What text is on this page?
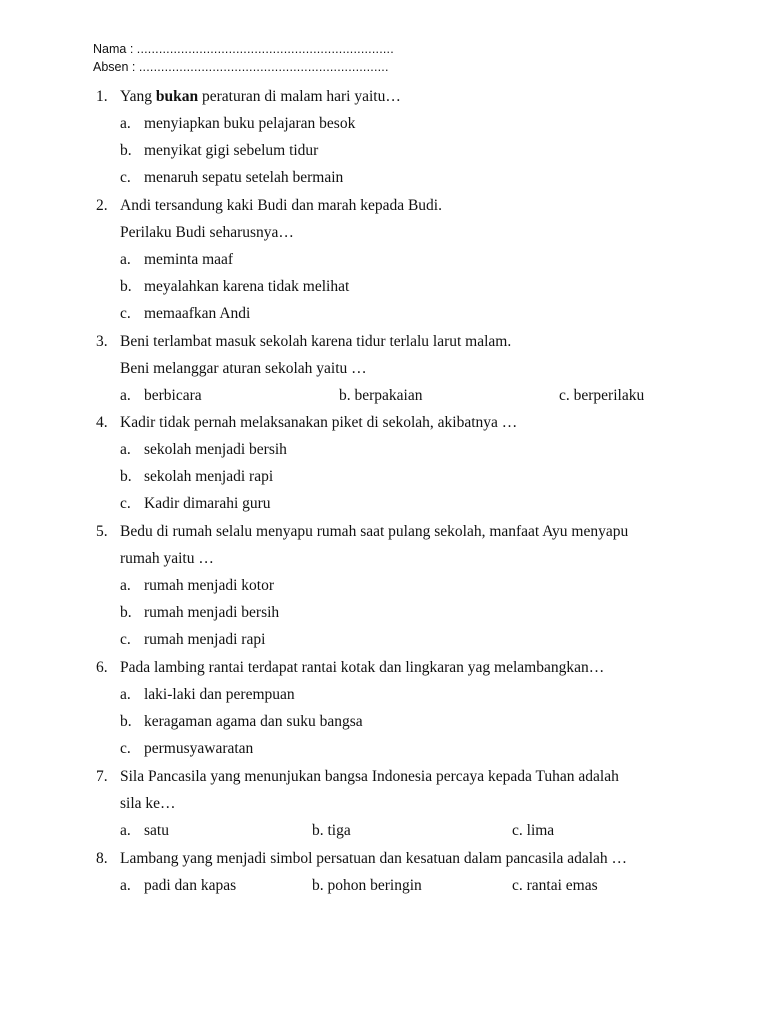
Nama : ......................................................................
Absen : ....................................................................
1. Yang bukan peraturan di malam hari yaitu…
a. menyiapkan buku pelajaran besok
b. menyikat gigi sebelum tidur
c. menaruh sepatu setelah bermain
2. Andi tersandung kaki Budi dan marah kepada Budi.
Perilaku Budi seharusnya…
a. meminta maaf
b. meyalahkan karena tidak melihat
c. memaafkan Andi
3. Beni terlambat masuk sekolah karena tidur terlalu larut malam.
Beni melanggar aturan sekolah yaitu …
a. berbicara	b. berpakaian	c. berperilaku
4. Kadir tidak pernah melaksanakan piket di sekolah, akibatnya …
a. sekolah menjadi bersih
b. sekolah menjadi rapi
c. Kadir dimarahi guru
5. Bedu di rumah selalu menyapu rumah saat pulang sekolah, manfaat Ayu menyapu
rumah yaitu …
a. rumah menjadi kotor
b. rumah menjadi bersih
c. rumah menjadi rapi
6. Pada lambing rantai terdapat rantai kotak dan lingkaran yag melambangkan…
a. laki-laki dan perempuan
b. keragaman agama dan suku bangsa
c. permusyawaratan
7. Sila Pancasila yang menunjukan bangsa Indonesia percaya kepada Tuhan adalah
sila ke…
a. satu	b. tiga	c. lima
8. Lambang yang menjadi simbol persatuan dan kesatuan dalam pancasila adalah …
a. padi dan kapas	b. pohon beringin	c. rantai emas
